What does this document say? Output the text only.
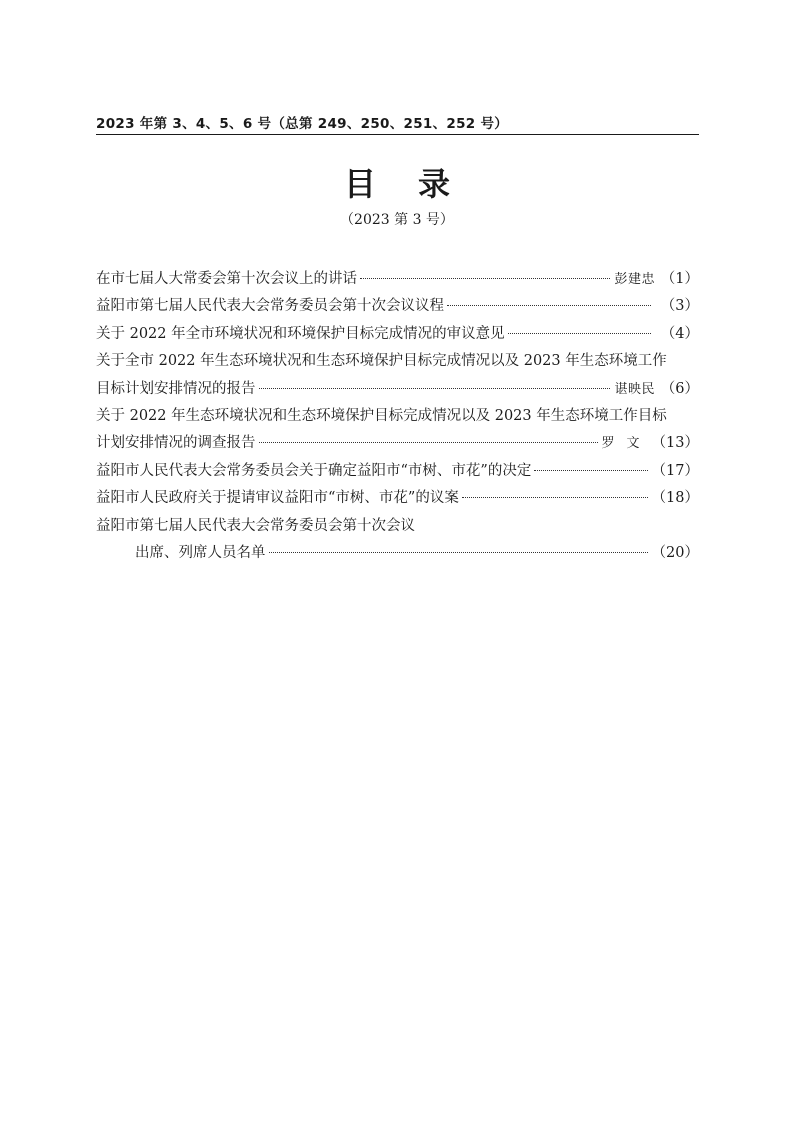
2023 年第 3、4、5、6 号（总第 249、250、251、252 号）
目录
（2023 第 3 号）
在市七届人大常委会第十次会议上的讲话	彭建忠 （1）
益阳市第七届人民代表大会常务委员会第十次会议议程	（3）
关于 2022 年全市环境状况和环境保护目标完成情况的审议意见	（4）
关于全市 2022 年生态环境状况和生态环境保护目标完成情况以及 2023 年生态环境工作
目标计划安排情况的报告	谌映民 （6）
关于 2022 年生态环境状况和生态环境保护目标完成情况以及 2023 年生态环境工作目标
计划安排情况的调查报告	罗文 （13）
益阳市人民代表大会常务委员会关于确定益阳市“市树、市花”的决定	（17）
益阳市人民政府关于提请审议益阳市“市树、市花”的议案	（18）
益阳市第七届人民代表大会常务委员会第十次会议
出席、列席人员名单	（20）
